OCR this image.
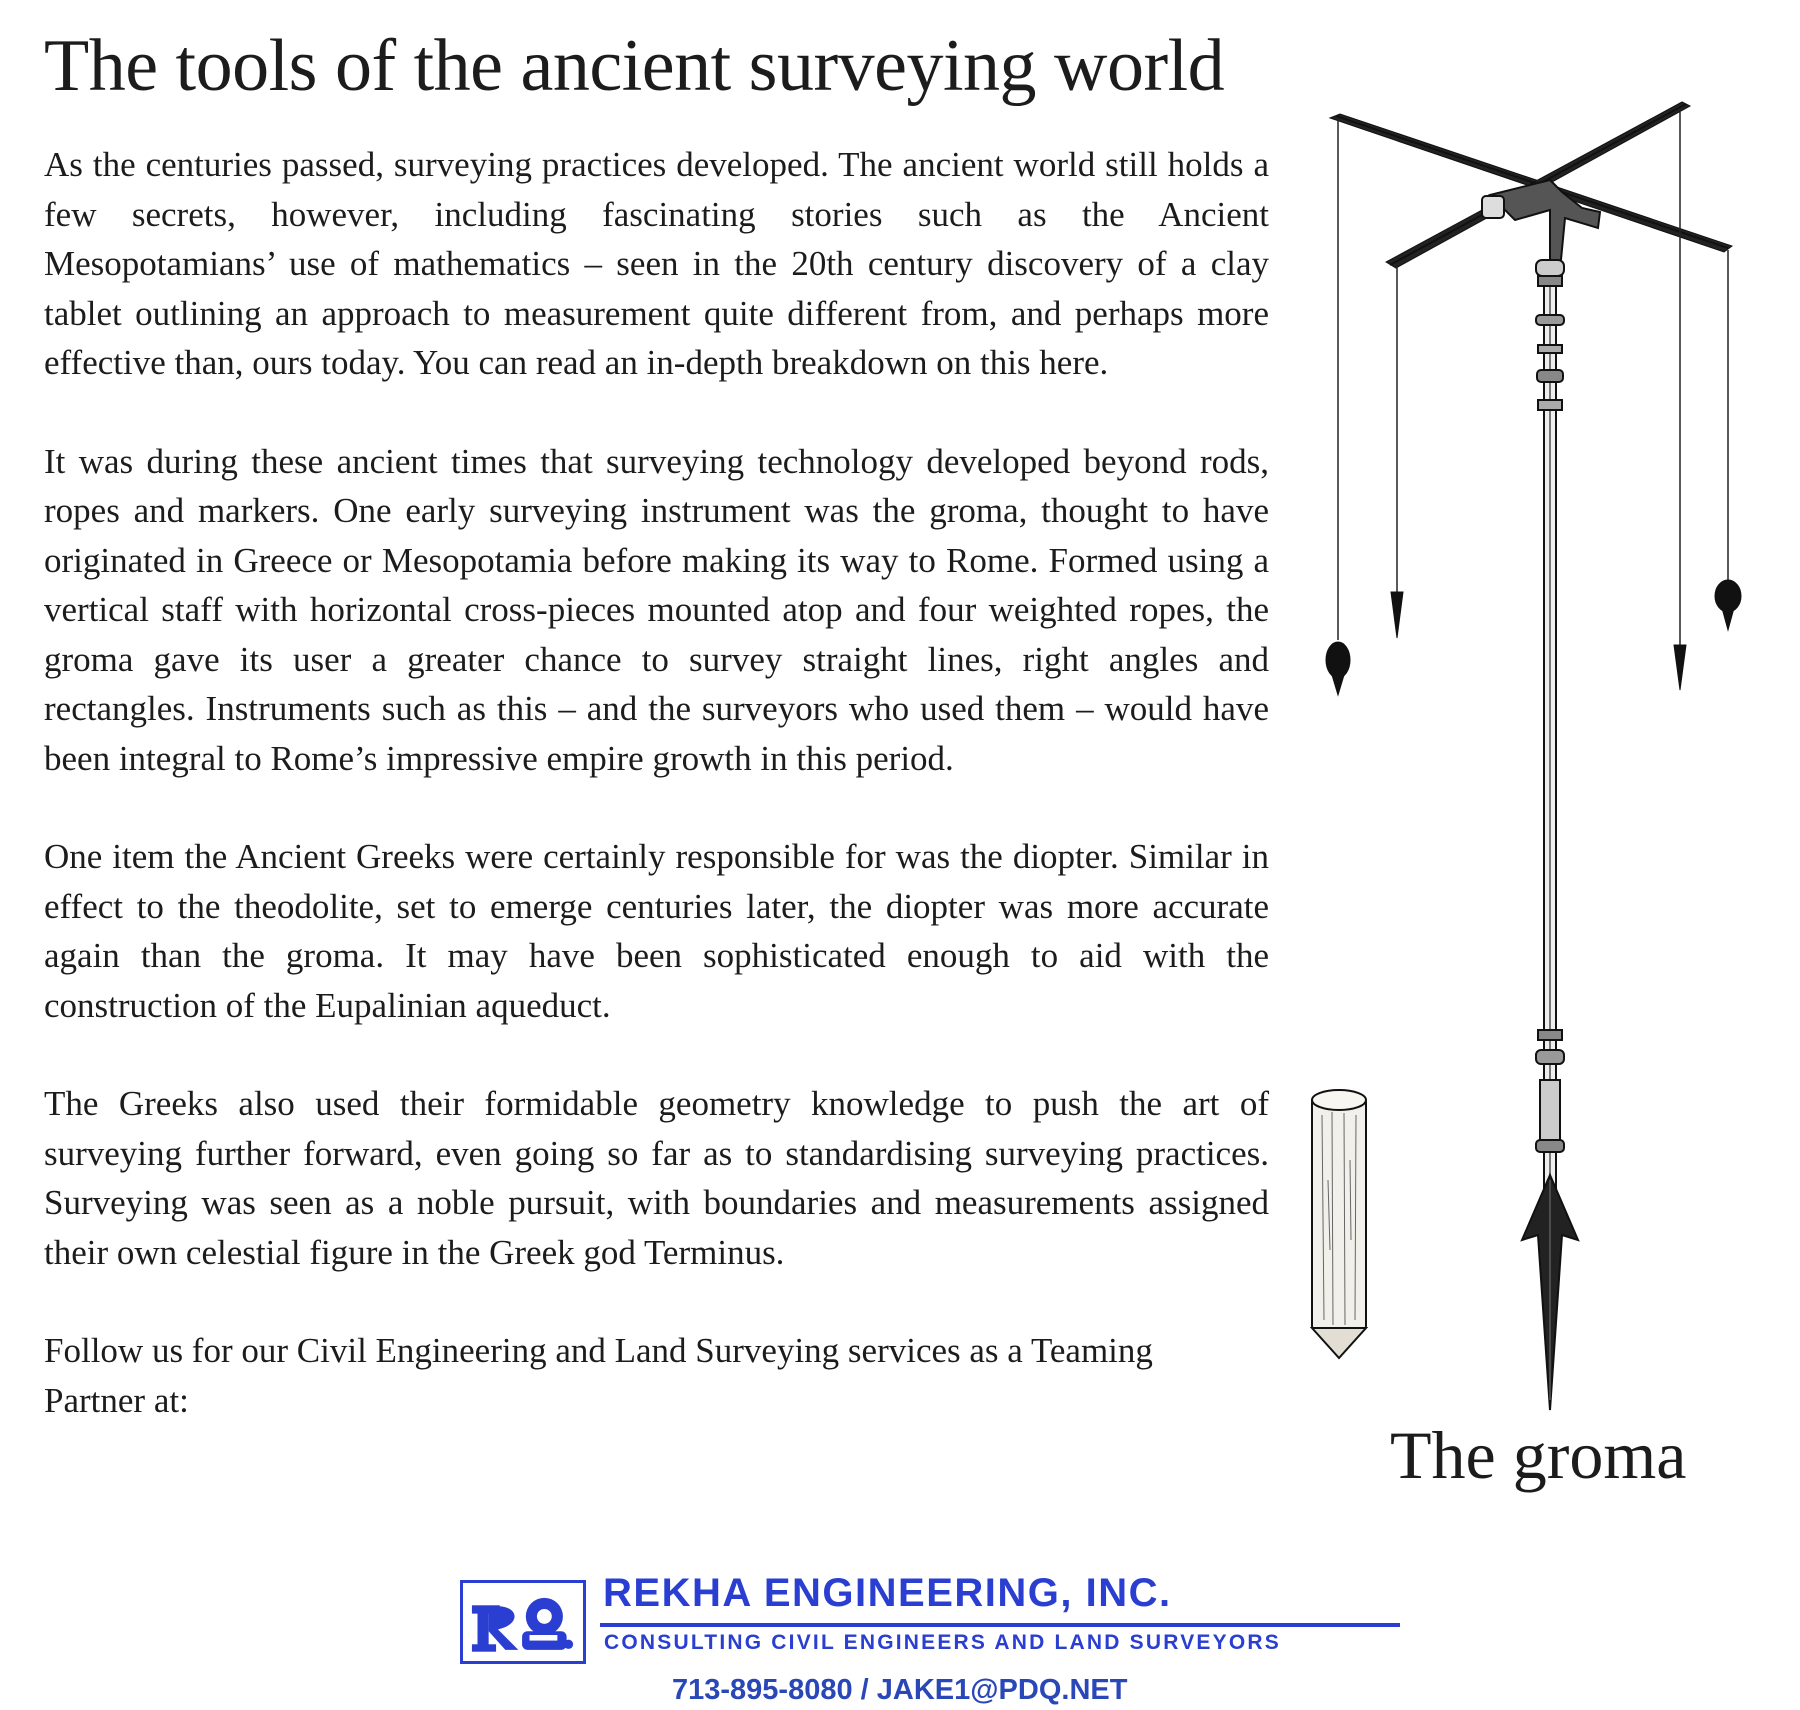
The tools of the ancient surveying world

As the centuries passed, surveying practices developed. The ancient world still holds a few secrets, however, including fascinating stories such as the Ancient Mesopotamians’ use of mathematics – seen in the 20th century discovery of a clay tablet outlining an approach to measurement quite different from, and perhaps more effective than, ours today. You can read an in-depth breakdown on this here.

It was during these ancient times that surveying technology developed beyond rods, ropes and markers. One early surveying instrument was the groma, thought to have originated in Greece or Mesopotamia before making its way to Rome. Formed using a vertical staff with horizontal cross-pieces mounted atop and four weighted ropes, the groma gave its user a greater chance to survey straight lines, right angles and rectangles. Instruments such as this – and the surveyors who used them – would have been integral to Rome’s impressive empire growth in this period.

One item the Ancient Greeks were certainly responsible for was the diopter. Similar in effect to the theodolite, set to emerge centuries later, the diopter was more accurate again than the groma. It may have been sophisticated enough to aid with the construction of the Eupalinian aqueduct.

The Greeks also used their formidable geometry knowledge to push the art of surveying further forward, even going so far as to standardising surveying practices. Surveying was seen as a noble pursuit, with boundaries and measurements assigned their own celestial figure in the Greek god Terminus.

Follow us for our Civil Engineering and Land Surveying services as a Teaming Partner at:

The groma
REKHA ENGINEERING, INC.
CONSULTING CIVIL ENGINEERS AND LAND SURVEYORS
713-895-8080 / JAKE1@PDQ.NET
